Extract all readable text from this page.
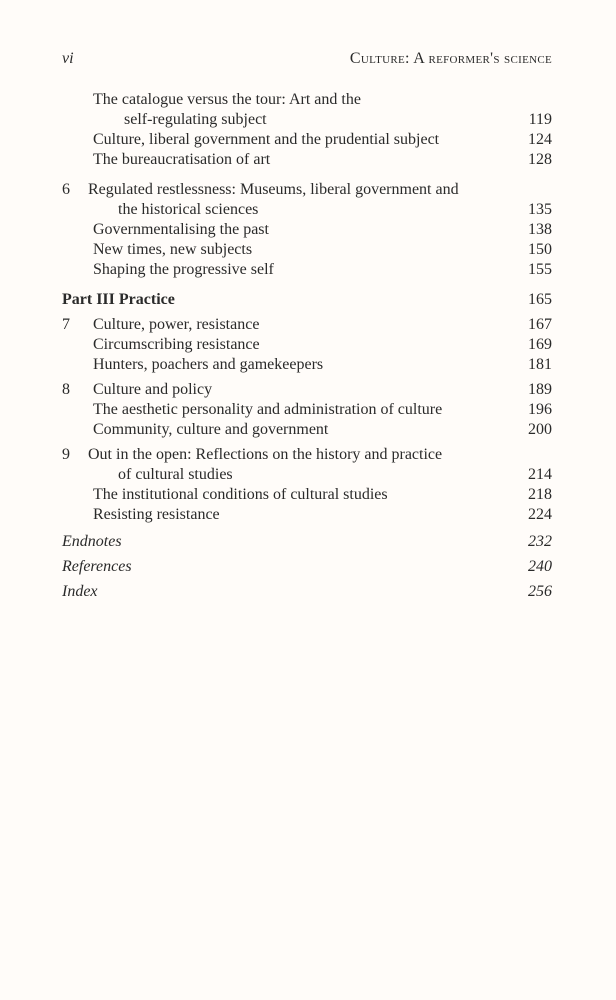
vi	Culture: A reformer's science
The catalogue versus the tour: Art and the
self-regulating subject	119
Culture, liberal government and the prudential subject	124
The bureaucratisation of art	128
6 Regulated restlessness: Museums, liberal government and
the historical sciences	135
Governmentalising the past	138
New times, new subjects	150
Shaping the progressive self	155
Part III Practice	165
7 Culture, power, resistance	167
Circumscribing resistance	169
Hunters, poachers and gamekeepers	181
8 Culture and policy	189
The aesthetic personality and administration of culture	196
Community, culture and government	200
9 Out in the open: Reflections on the history and practice
of cultural studies	214
The institutional conditions of cultural studies	218
Resisting resistance	224
Endnotes	232
References	240
Index	256
